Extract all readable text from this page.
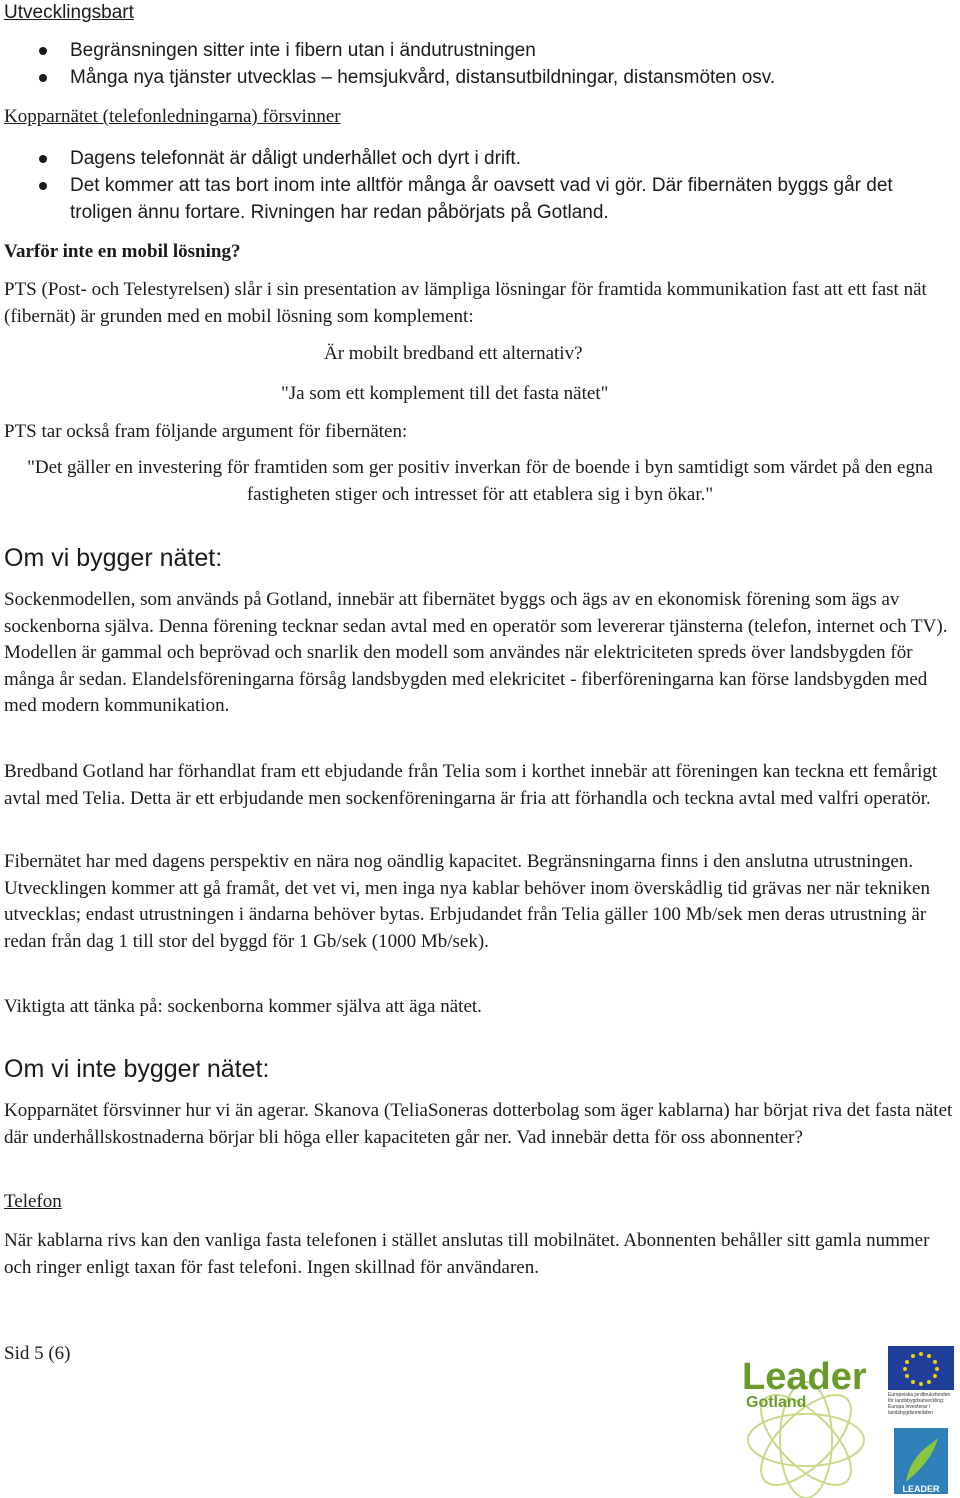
Utvecklingsbart
Begränsningen sitter inte i fibern utan i ändutrustningen
Många nya tjänster utvecklas – hemsjukvård, distansutbildningar, distansmöten osv.
Kopparnätet (telefonledningarna) försvinner
Dagens telefonnät är dåligt underhållet och dyrt i drift.
Det kommer att tas bort inom inte alltför många år oavsett vad vi gör. Där fibernäten byggs går det troligen ännu fortare. Rivningen har redan påbörjats på Gotland.
Varför inte en mobil lösning?

PTS (Post- och Telestyrelsen) slår i sin presentation av lämpliga lösningar för framtida kommunikation fast att ett fast nät (fibernät) är grunden med en mobil lösning som komplement:

Är mobilt bredband ett alternativ?

"Ja som ett komplement till det fasta nätet"

PTS tar också fram följande argument för fibernäten:

"Det gäller en investering för framtiden som ger positiv inverkan för de boende i byn samtidigt som värdet på den egna fastigheten stiger och intresset för att etablera sig i byn ökar."

Om vi bygger nätet:

Sockenmodellen, som används på Gotland, innebär att fibernätet byggs och ägs av en ekonomisk förening som ägs av sockenborna själva. Denna förening tecknar sedan avtal med en operatör som levererar tjänsterna (telefon, internet och TV). Modellen är gammal och beprövad och snarlik den modell som användes när elektriciteten spreds över landsbygden för många år sedan. Elandelsföreningarna försåg landsbygden med elekricitet - fiberföreningarna kan förse landsbygden med med modern kommunikation.

Bredband Gotland har förhandlat fram ett ebjudande från Telia som i korthet innebär att föreningen kan teckna ett femårigt avtal med Telia. Detta är ett erbjudande men sockenföreningarna är fria att förhandla och teckna avtal med valfri operatör.

Fibernätet har med dagens perspektiv en nära nog oändlig kapacitet. Begränsningarna finns i den anslutna utrustningen. Utvecklingen kommer att gå framåt, det vet vi, men inga nya kablar behöver inom överskådlig tid grävas ner när tekniken utvecklas; endast utrustningen i ändarna behöver bytas. Erbjudandet från Telia gäller 100 Mb/sek men deras utrustning är redan från dag 1 till stor del byggd för 1 Gb/sek (1000 Mb/sek).

Viktigta att tänka på: sockenborna kommer själva att äga nätet.

Om vi inte bygger nätet:

Kopparnätet försvinner hur vi än agerar. Skanova (TeliaSoneras dotterbolag som äger kablarna) har börjat riva det fasta nätet där underhållskostnaderna börjar bli höga eller kapaciteten går ner. Vad innebär detta för oss abonnenter?

Telefon

När kablarna rivs kan den vanliga fasta telefonen i stället anslutas till mobilnätet. Abonnenten behåller sitt gamla nummer och ringer enligt taxan för fast telefoni. Ingen skillnad för användaren.

Sid 5 (6)
Leader
Gotland	Europeiska jordbruksfonden för landsbygdsutveckling: Europa investerar i landsbygdsområden
LEADER
